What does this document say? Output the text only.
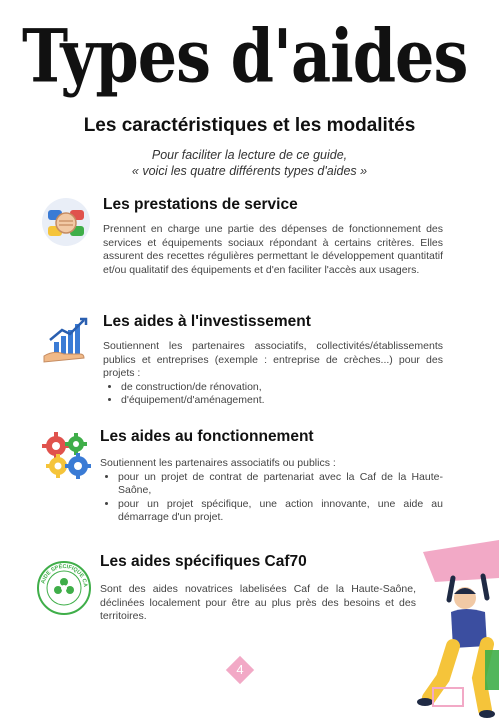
Types d'aides
Les caractéristiques et les modalités
Pour faciliter la lecture de ce guide,
« voici les quatre différents types d'aides »
Les prestations de service
Prennent en charge une partie des dépenses de fonctionnement des services et équipements sociaux répondant à certains critères. Elles assurent des recettes régulières permettant le développement quantitatif et/ou qualitatif des équipements et d'en faciliter l'accès aux usagers.
Les aides à l'investissement
Soutiennent les partenaires associatifs, collectivités/établissements publics et entreprises (exemple : entreprise de crèches...) pour des projets :
• de construction/de rénovation,
• d'équipement/d'aménagement.
Les aides au fonctionnement
Soutiennent les partenaires associatifs ou publics :
• pour un projet de contrat de partenariat avec la Caf de la Haute-Saône,
• pour un projet spécifique, une action innovante, une aide au démarrage d'un projet.
AIDE SPÉCIFIQUE CA
Les aides spécifiques Caf70
Sont des aides novatrices labelisées Caf de la Haute-Saône, déclinées localement pour être au plus près des besoins et des territoires.
4
